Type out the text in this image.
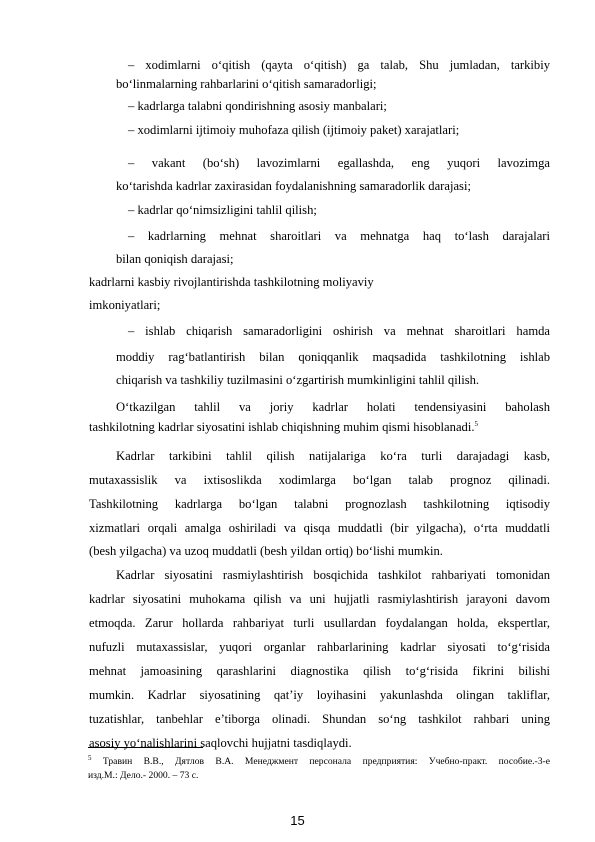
– xodimlarni o‘qitish (qayta o‘qitish) ga talab, Shu jumladan, tarkibiy
bo‘linmalarning rahbarlarini o‘qitish samaradorligi;
– kadrlarga talabni qondirishning asosiy manbalari;
– xodimlarni ijtimoiy muhofaza qilish (ijtimoiy paket) xarajatlari;
– vakant (bo‘sh) lavozimlarni egallashda, eng yuqori lavozimga
ko‘tarishda kadrlar zaxirasidan foydalanishning samaradorlik darajasi;
– kadrlar qo‘nimsizligini tahlil qilish;
– kadrlarning mehnat sharoitlari va mehnatga haq to‘lash darajalari
bilan qoniqish darajasi;
kadrlarni kasbiy rivojlantirishda tashkilotning moliyaviy
imkoniyatlari;
– ishlab chiqarish samaradorligini oshirish va mehnat sharoitlari hamda
moddiy rag‘batlantirish bilan qoniqqanlik maqsadida tashkilotning ishlab
chiqarish va tashkiliy tuzilmasini o‘zgartirish mumkinligini tahlil qilish.
O‘tkazilgan tahlil va joriy kadrlar holati tendensiyasini baholash
tashkilotning kadrlar siyosatini ishlab chiqishning muhim qismi hisoblanadi.$^5$
Kadrlar tarkibini tahlil qilish natijalariga ko‘ra turli darajadagi kasb,
mutaxassislik va ixtisoslikda xodimlarga bo‘lgan talab prognoz qilinadi.
Tashkilotning kadrlarga bo‘lgan talabni prognozlash tashkilotning iqtisodiy
xizmatlari orqali amalga oshiriladi va qisqa muddatli (bir yilgacha), o‘rta muddatli
(besh yilgacha) va uzoq muddatli (besh yildan ortiq) bo‘lishi mumkin.
Kadrlar siyosatini rasmiylashtirish bosqichida tashkilot rahbariyati tomonidan
kadrlar siyosatini muhokama qilish va uni hujjatli rasmiylashtirish jarayoni davom
etmoqda. Zarur hollarda rahbariyat turli usullardan foydalangan holda, ekspertlar,
nufuzli mutaxassislar, yuqori organlar rahbarlarining kadrlar siyosati to‘g‘risida
mehnat jamoasining qarashlarini diagnostika qilish to‘g‘risida fikrini bilishi
mumkin. Kadrlar siyosatining qat’iy loyihasini yakunlashda olingan takliflar,
tuzatishlar, tanbehlar e’tiborga olinadi. Shundan so‘ng tashkilot rahbari uning
asosiy yo‘nalishlarini saqlovchi hujjatni tasdiqlaydi.
$^5$ Травин В.В., Дятлов В.А. Менеджмент персонала предприятия: Учебно-практ. пособие.-3-е
изд.М.: Дело.- 2000. – 73 с.
15
